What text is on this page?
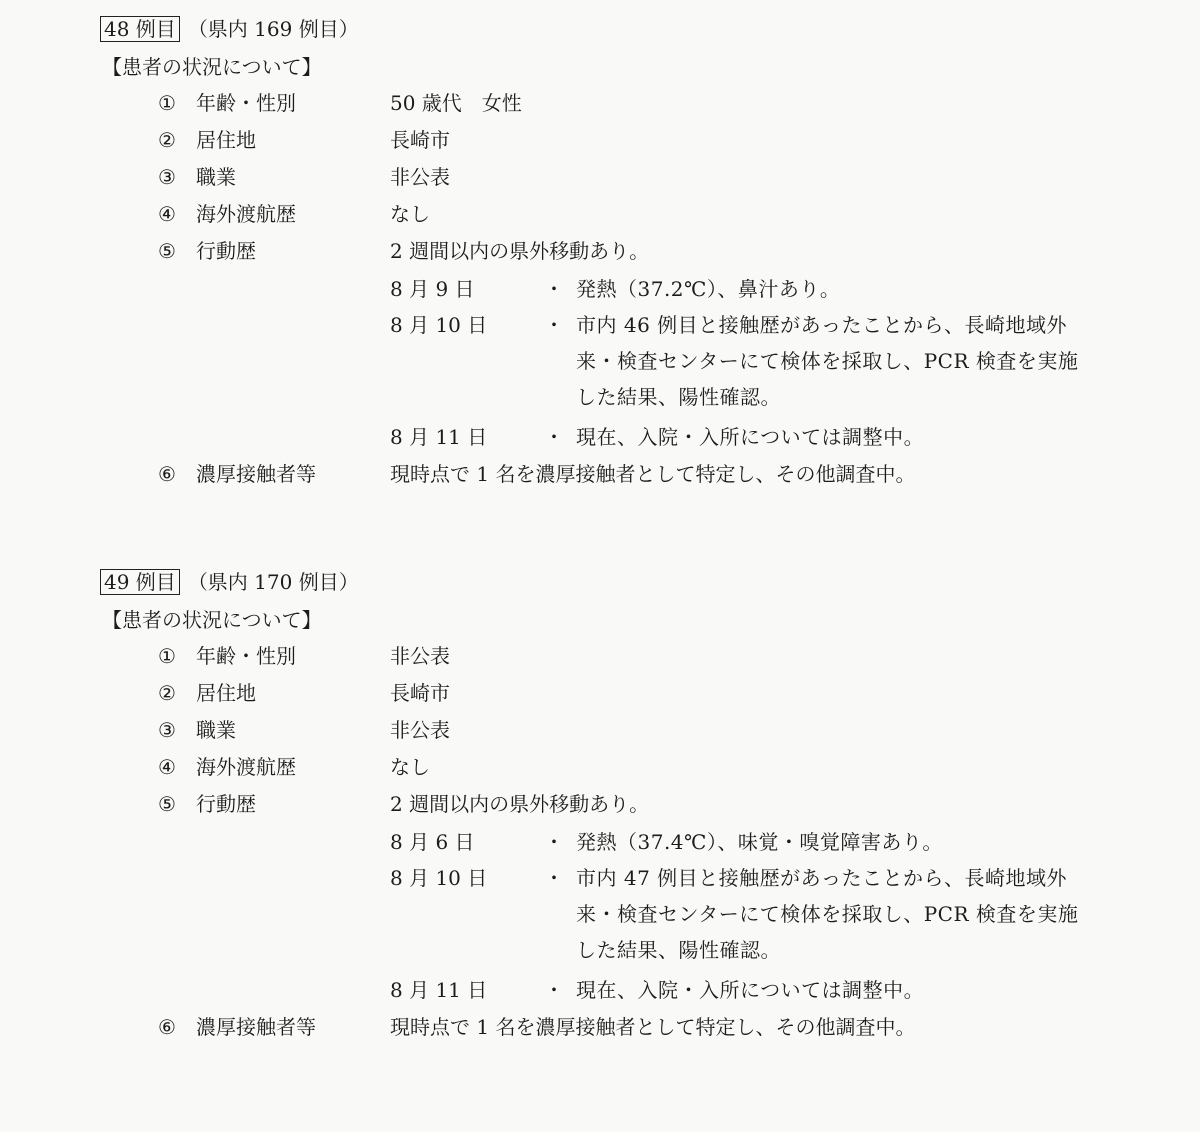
48 例目 （県内 169 例目）
【患者の状況について】
① 年齢・性別	50 歳代　女性
② 居住地	長崎市
③ 職業	非公表
④ 海外渡航歴	なし
⑤ 行動歴	2 週間以内の県外移動あり。
8 月 9 日	・ 発熱（37.2℃）、鼻汁あり。
8 月 10 日	・ 市内 46 例目と接触歴があったことから、長崎地域外来・検査センターにて検体を採取し、PCR 検査を実施した結果、陽性確認。
8 月 11 日	・ 現在、入院・入所については調整中。
⑥ 濃厚接触者等	現時点で 1 名を濃厚接触者として特定し、その他調査中。
49 例目 （県内 170 例目）
【患者の状況について】
① 年齢・性別	非公表
② 居住地	長崎市
③ 職業	非公表
④ 海外渡航歴	なし
⑤ 行動歴	2 週間以内の県外移動あり。
8 月 6 日	・ 発熱（37.4℃）、味覚・嗅覚障害あり。
8 月 10 日	・ 市内 47 例目と接触歴があったことから、長崎地域外来・検査センターにて検体を採取し、PCR 検査を実施した結果、陽性確認。
8 月 11 日	・ 現在、入院・入所については調整中。
⑥ 濃厚接触者等	現時点で 1 名を濃厚接触者として特定し、その他調査中。
